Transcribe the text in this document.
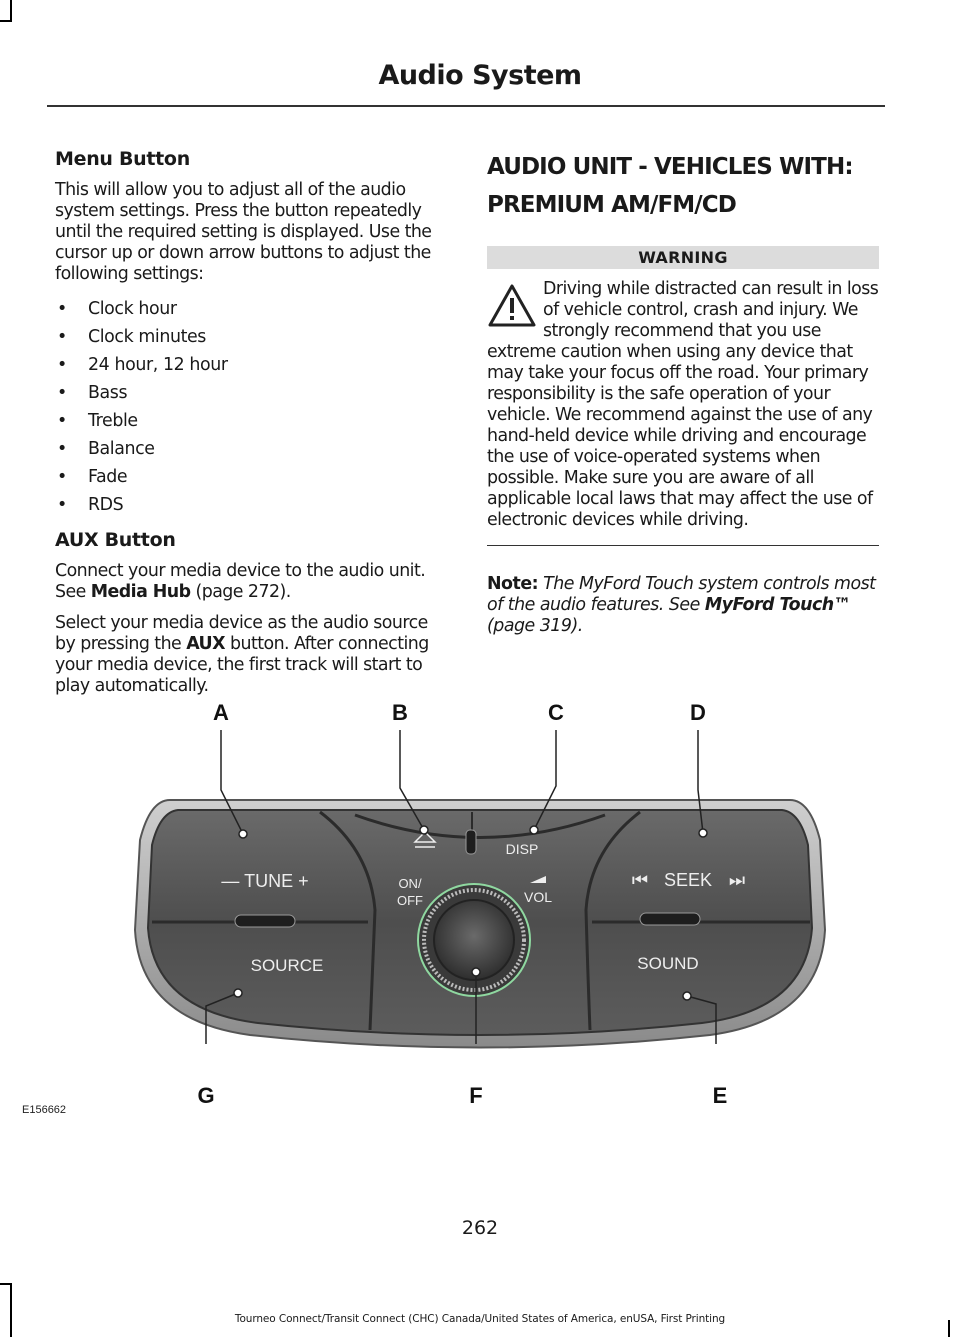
Audio System
Menu Button

This will allow you to adjust all of the audio system settings. Press the button repeatedly until the required setting is displayed. Use the cursor up or down arrow buttons to adjust the following settings:

• Clock hour
• Clock minutes
• 24 hour, 12 hour
• Bass
• Treble
• Balance
• Fade
• RDS
AUX Button

Connect your media device to the audio unit. See Media Hub (page 272).

Select your media device as the audio source by pressing the AUX button. After connecting your media device, the first track will start to play automatically.

AUDIO UNIT - VEHICLES WITH:
PREMIUM AM/FM/CD
WARNING

Driving while distracted can result in loss of vehicle control, crash and injury. We strongly recommend that you use extreme caution when using any device that may take your focus off the road. Your primary responsibility is the safe operation of your vehicle. We recommend against the use of any hand-held device while driving and encourage the use of voice-operated systems when possible. Make sure you are aware of all applicable local laws that may affect the use of electronic devices while driving.

Note: The MyFord Touch system controls most of the audio features. See MyFord Touch™ (page 319).

— TUNE +
DISP
SEEK
⏮	⏭
ON/
OFF	VOL
SOURCE	SOUND
A	B	C	D
E
F
G
E156662
262
Tourneo Connect/Transit Connect (CHC) Canada/United States of America, enUSA, First Printing
